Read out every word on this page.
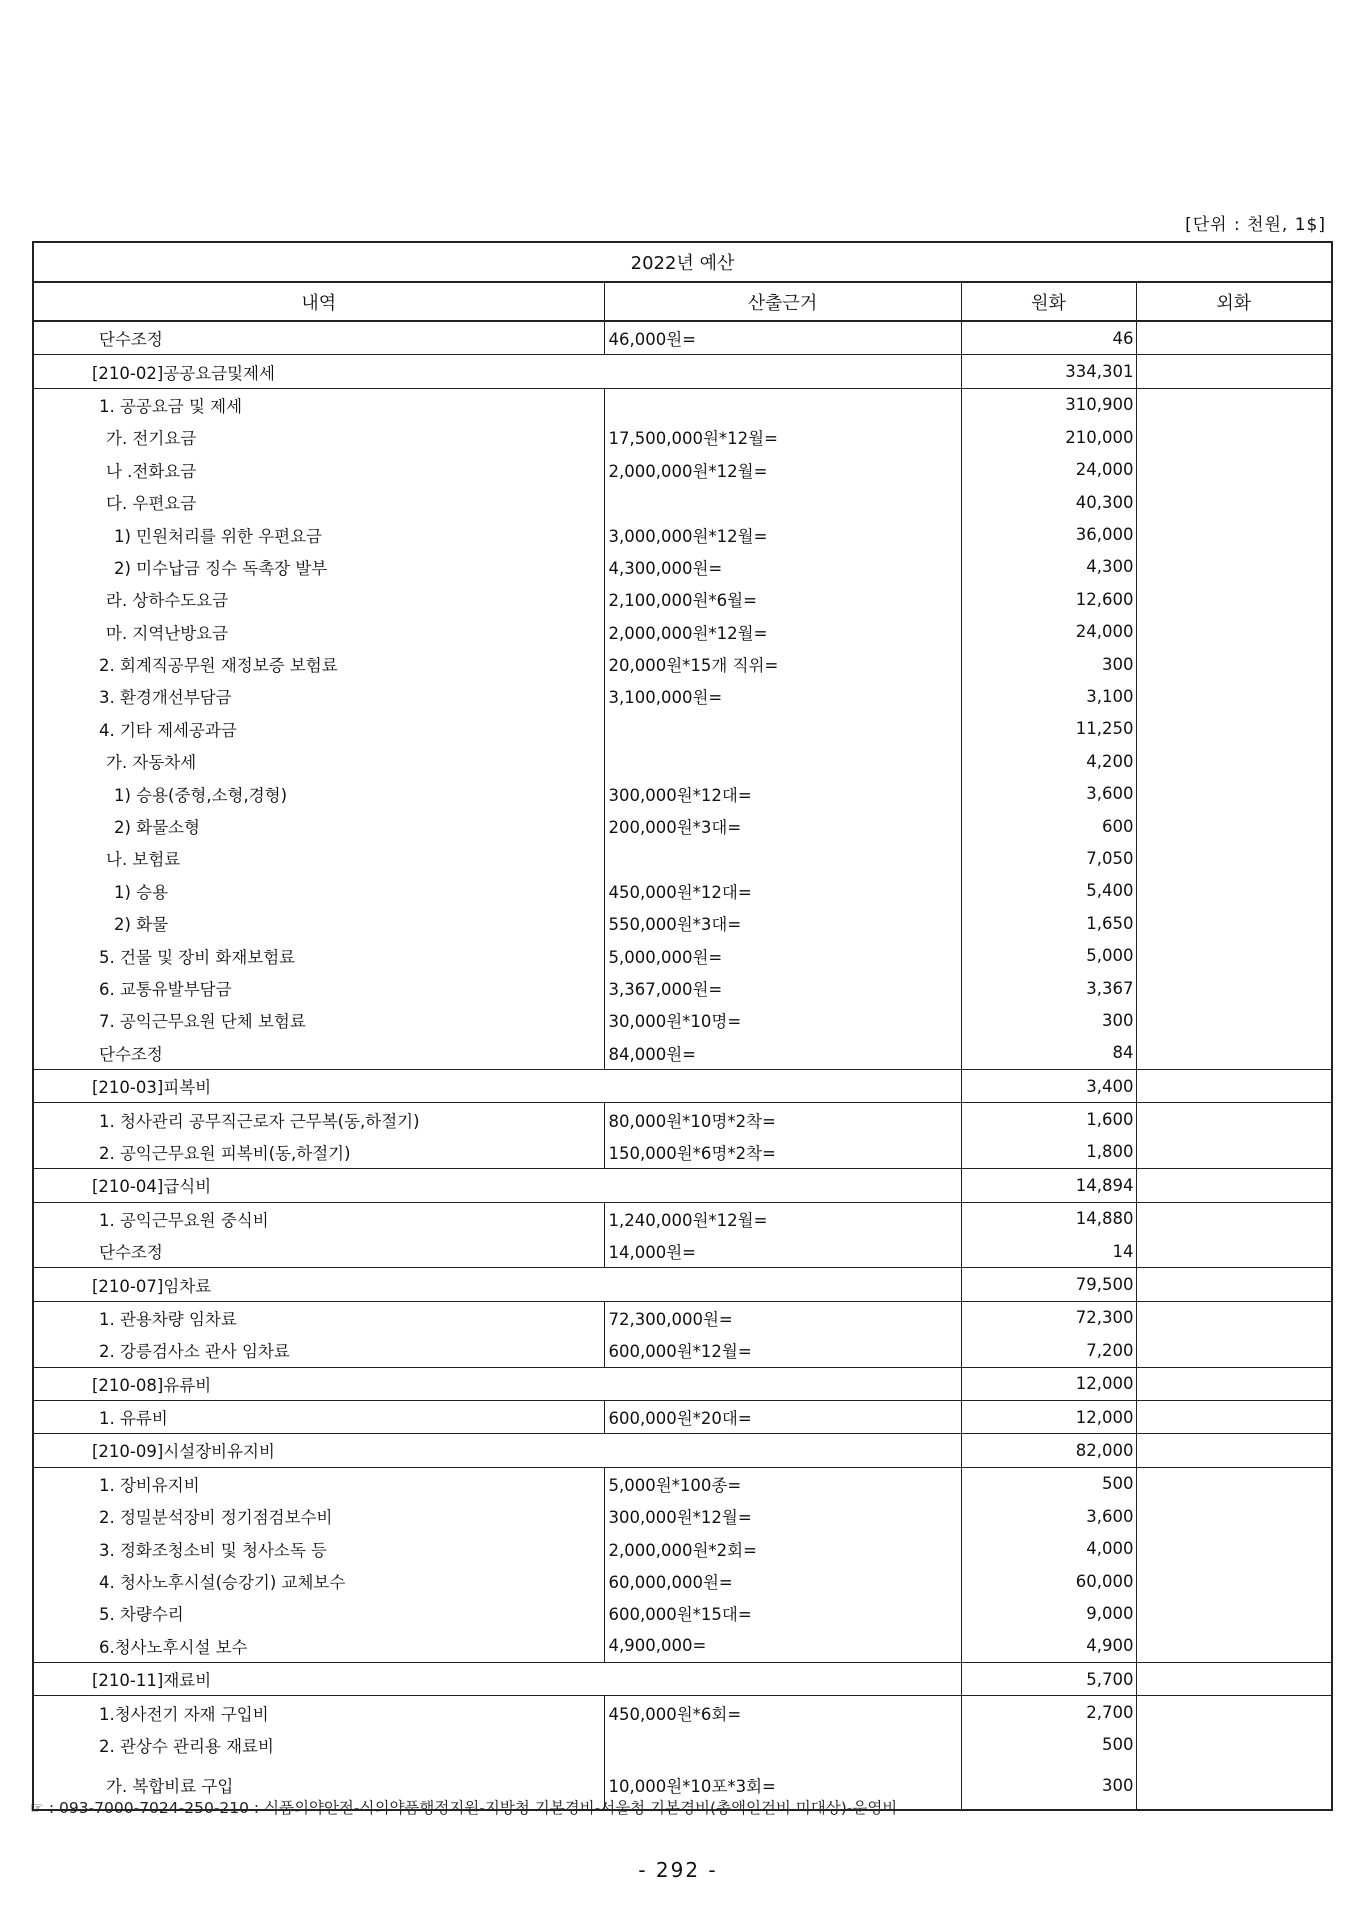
[단위 : 천원, 1$]
2022년 예산			
내역	산출근거	원화	외화
단수조정	46,000원=	46	
[210-02]공공요금및제세		334,301	
1. 공공요금 및 제세		310,900	
가. 전기요금	17,500,000원*12월=	210,000	
나 .전화요금	2,000,000원*12월=	24,000	
다. 우편요금		40,300	
1) 민원처리를 위한 우편요금	3,000,000원*12월=	36,000	
2) 미수납금 징수 독촉장 발부	4,300,000원=	4,300	
라. 상하수도요금	2,100,000원*6월=	12,600	
마. 지역난방요금	2,000,000원*12월=	24,000	
2. 회계직공무원 재정보증 보험료	20,000원*15개 직위=	300	
3. 환경개선부담금	3,100,000원=	3,100	
4. 기타 제세공과금		11,250	
가. 자동차세		4,200	
1) 승용(중형,소형,경형)	300,000원*12대=	3,600	
2) 화물소형	200,000원*3대=	600	
나. 보험료		7,050	
1) 승용	450,000원*12대=	5,400	
2) 화물	550,000원*3대=	1,650	
5. 건물 및 장비 화재보험료	5,000,000원=	5,000	
6. 교통유발부담금	3,367,000원=	3,367	
7. 공익근무요원 단체 보험료	30,000원*10명=	300	
단수조정	84,000원=	84	
[210-03]피복비		3,400	
1. 청사관리 공무직근로자 근무복(동,하절기)	80,000원*10명*2착=	1,600	
2. 공익근무요원 피복비(동,하절기)	150,000원*6명*2착=	1,800	
[210-04]급식비		14,894	
1. 공익근무요원 중식비	1,240,000원*12월=	14,880	
단수조정	14,000원=	14	
[210-07]임차료		79,500	
1. 관용차량 임차료	72,300,000원=	72,300	
2. 강릉검사소 관사 임차료	600,000원*12월=	7,200	
[210-08]유류비		12,000	
1. 유류비	600,000원*20대=	12,000	
[210-09]시설장비유지비		82,000	
1. 장비유지비	5,000원*100종=	500	
2. 정밀분석장비 정기점검보수비	300,000원*12월=	3,600	
3. 정화조청소비 및 청사소독 등	2,000,000원*2회=	4,000	
4. 청사노후시설(승강기) 교체보수	60,000,000원=	60,000	
5. 차량수리	600,000원*15대=	9,000	
6.청사노후시설 보수	4,900,000=	4,900	
[210-11]재료비		5,700	
1.청사전기 자재 구입비	450,000원*6회=	2,700	
2. 관상수 관리용 재료비		500	
가. 복합비료 구입	10,000원*10포*3회=	300	
☞ : 093-7000-7024-250-210 : 식품의약안전-식의약품행정지원-지방청 기본경비-서울청 기본경비(총액인건비 미대상)-운영비
- 292 -
